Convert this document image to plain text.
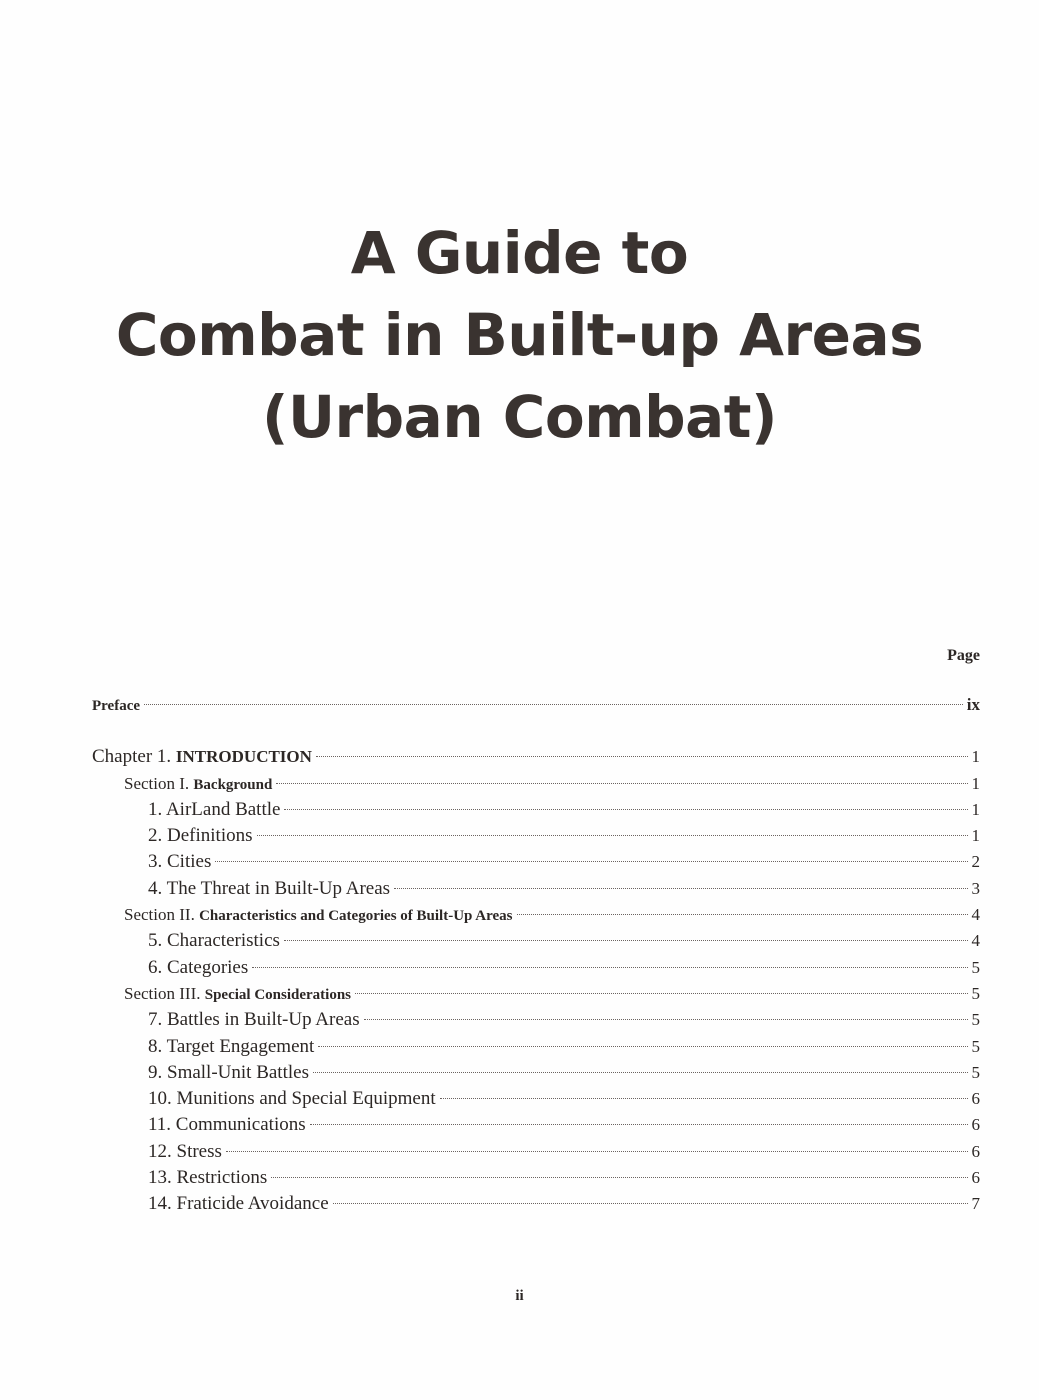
A Guide to
Combat in Built-up Areas
(Urban Combat)
Page
Preface	ix
Chapter 1. INTRODUCTION	1
Section I. Background	1
1. AirLand Battle	1
2. Definitions	1
3. Cities	2
4. The Threat in Built-Up Areas	3
Section II. Characteristics and Categories of Built-Up Areas	4
5. Characteristics	4
6. Categories	5
Section III. Special Considerations	5
7. Battles in Built-Up Areas	5
8. Target Engagement	5
9. Small-Unit Battles	5
10. Munitions and Special Equipment	6
11. Communications	6
12. Stress	6
13. Restrictions	6
14. Fraticide Avoidance	7
ii
